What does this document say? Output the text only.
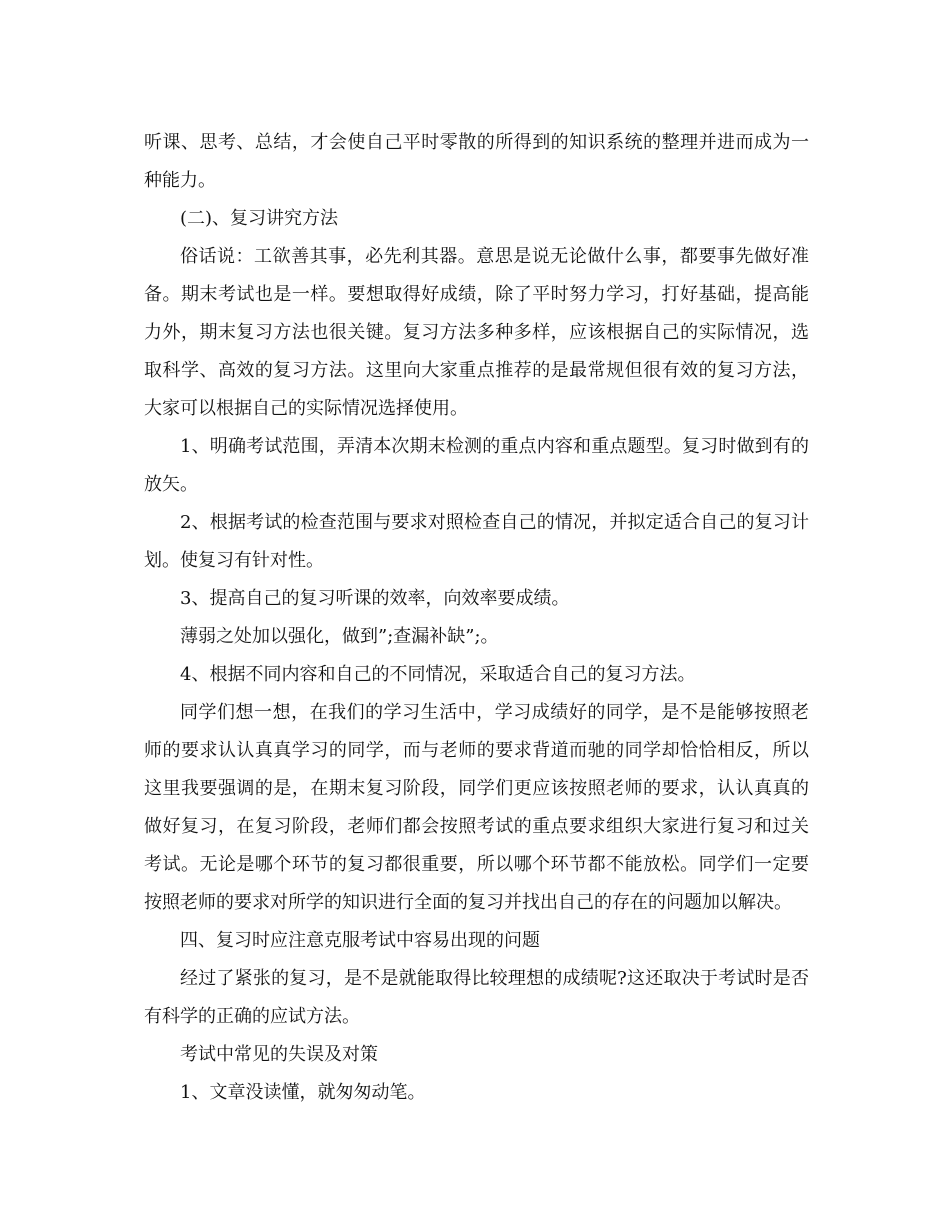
听课、思考、总结，才会使自己平时零散的所得到的知识系统的整理并进而成为一种能力。

(二)、复习讲究方法

俗话说：工欲善其事，必先利其器。意思是说无论做什么事，都要事先做好准备。期末考试也是一样。要想取得好成绩，除了平时努力学习，打好基础，提高能力外，期末复习方法也很关键。复习方法多种多样，应该根据自己的实际情况，选取科学、高效的复习方法。这里向大家重点推荐的是最常规但很有效的复习方法，大家可以根据自己的实际情况选择使用。

1、明确考试范围，弄清本次期末检测的重点内容和重点题型。复习时做到有的放矢。

2、根据考试的检查范围与要求对照检查自己的情况，并拟定适合自己的复习计划。使复习有针对性。

3、提高自己的复习听课的效率，向效率要成绩。

薄弱之处加以强化，做到”;查漏补缺”;。

4、根据不同内容和自己的不同情况，采取适合自己的复习方法。

同学们想一想，在我们的学习生活中，学习成绩好的同学，是不是能够按照老师的要求认认真真学习的同学，而与老师的要求背道而驰的同学却恰恰相反，所以这里我要强调的是，在期末复习阶段，同学们更应该按照老师的要求，认认真真的做好复习，在复习阶段，老师们都会按照考试的重点要求组织大家进行复习和过关考试。无论是哪个环节的复习都很重要，所以哪个环节都不能放松。同学们一定要按照老师的要求对所学的知识进行全面的复习并找出自己的存在的问题加以解决。

四、复习时应注意克服考试中容易出现的问题

经过了紧张的复习，是不是就能取得比较理想的成绩呢?这还取决于考试时是否有科学的正确的应试方法。

考试中常见的失误及对策

1、文章没读懂，就匆匆动笔。
